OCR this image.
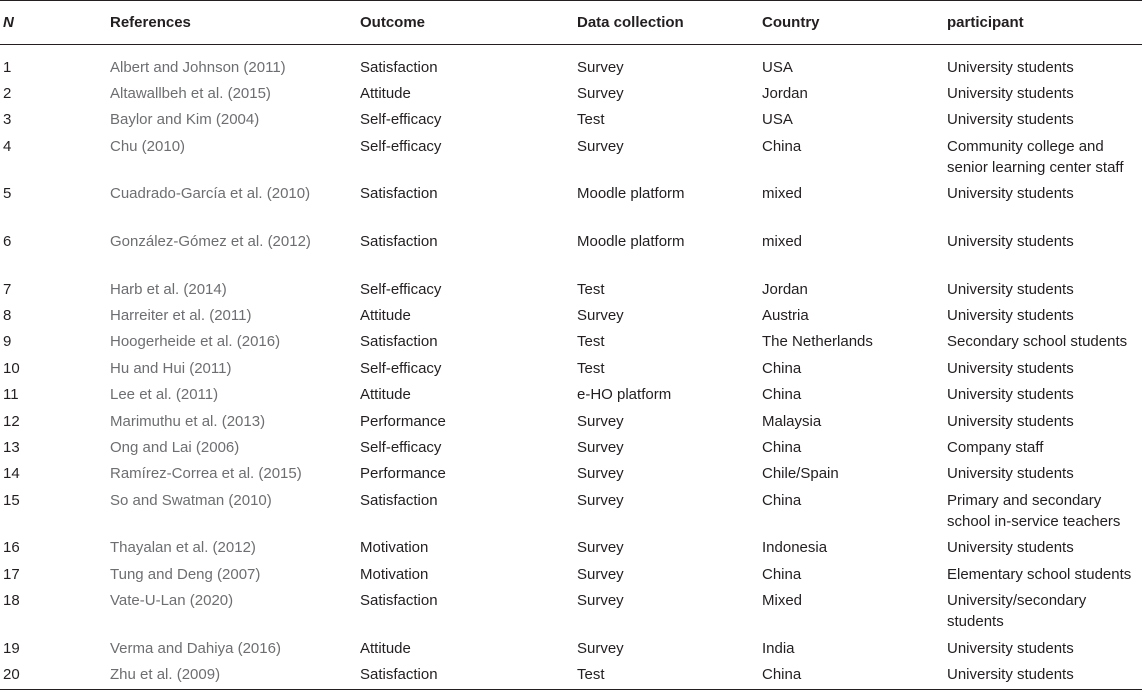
N	References	Outcome	Data collection	Country	participant
1	Albert and Johnson (2011)	Satisfaction	Survey	USA	University students
2	Altawallbeh et al. (2015)	Attitude	Survey	Jordan	University students
3	Baylor and Kim (2004)	Self-efficacy	Test	USA	University students
4	Chu (2010)	Self-efficacy	Survey	China	Community college and senior learning center staff
5	Cuadrado-García et al. (2010)	Satisfaction	Moodle platform	mixed	University students
6	González-Gómez et al. (2012)	Satisfaction	Moodle platform	mixed	University students
7	Harb et al. (2014)	Self-efficacy	Test	Jordan	University students
8	Harreiter et al. (2011)	Attitude	Survey	Austria	University students
9	Hoogerheide et al. (2016)	Satisfaction	Test	The Netherlands	Secondary school students
10	Hu and Hui (2011)	Self-efficacy	Test	China	University students
11	Lee et al. (2011)	Attitude	e-HO platform	China	University students
12	Marimuthu et al. (2013)	Performance	Survey	Malaysia	University students
13	Ong and Lai (2006)	Self-efficacy	Survey	China	Company staff
14	Ramírez-Correa et al. (2015)	Performance	Survey	Chile/Spain	University students
15	So and Swatman (2010)	Satisfaction	Survey	China	Primary and secondary school in-service teachers
16	Thayalan et al. (2012)	Motivation	Survey	Indonesia	University students
17	Tung and Deng (2007)	Motivation	Survey	China	Elementary school students
18	Vate-U-Lan (2020)	Satisfaction	Survey	Mixed	University/secondary students
19	Verma and Dahiya (2016)	Attitude	Survey	India	University students
20	Zhu et al. (2009)	Satisfaction	Test	China	University students
